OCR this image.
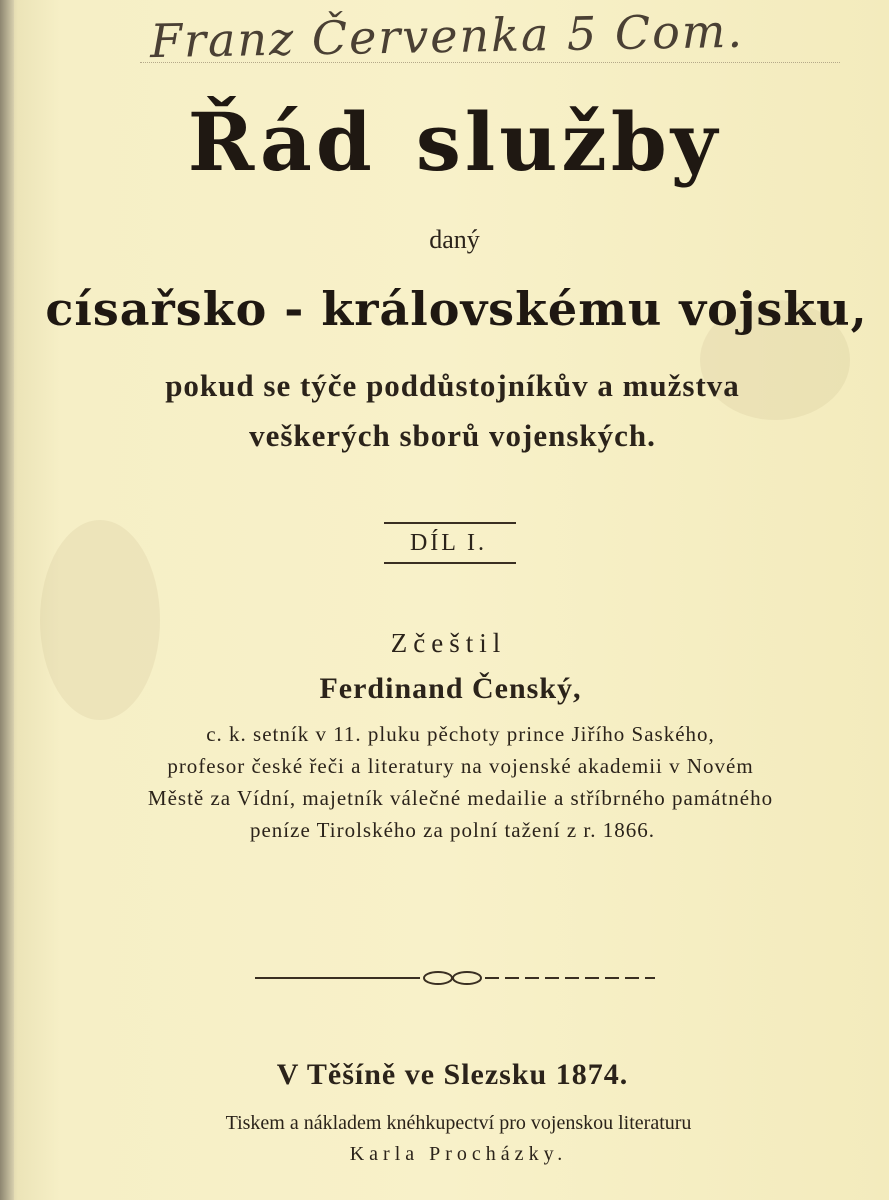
Franz Červenka 5 Com.
Řád služby
daný
císařsko - královskému vojsku,
pokud se týče poddůstojníkův a mužstva
veškerých sborů vojenských.
DÍL I.
Zčeštil
Ferdinand Čenský,
c. k. setník v 11. pluku pěchoty prince Jiřího Saského,
profesor české řeči a literatury na vojenské akademii v Novém
Městě za Vídní, majetník válečné medailie a stříbrného památného
peníze Tirolského za polní tažení z r. 1866.
V Těšíně ve Slezsku 1874.
Tiskem a nákladem knéhkupectví pro vojenskou literaturu
Karla Procházky.
